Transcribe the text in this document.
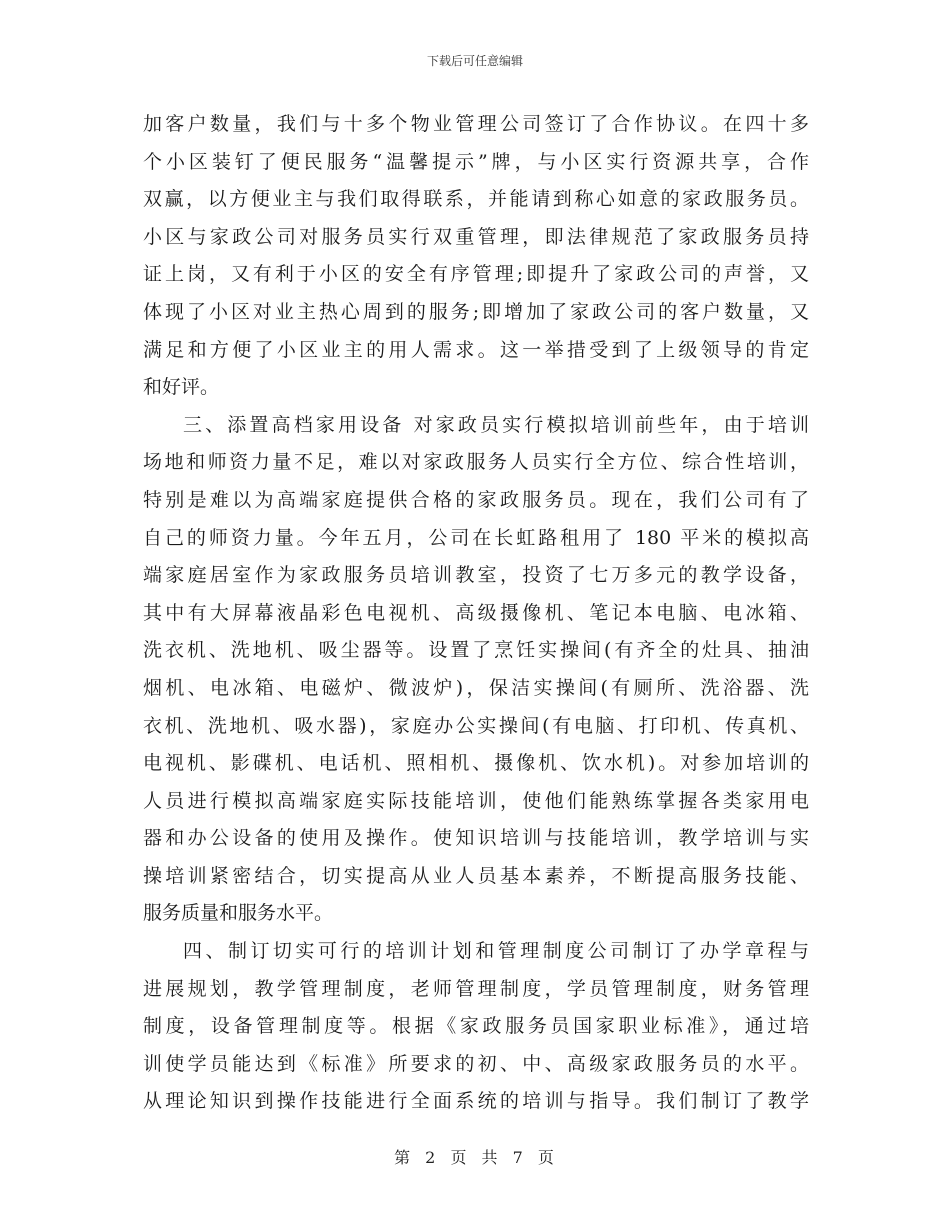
下载后可任意编辑
加客户数量，我们与十多个物业管理公司签订了合作协议。在四十多
个小区装钉了便民服务“温馨提示”牌，与小区实行资源共享，合作
双赢，以方便业主与我们取得联系，并能请到称心如意的家政服务员。
小区与家政公司对服务员实行双重管理，即法律规范了家政服务员持
证上岗，又有利于小区的安全有序管理;即提升了家政公司的声誉，又
体现了小区对业主热心周到的服务;即增加了家政公司的客户数量，又
满足和方便了小区业主的用人需求。这一举措受到了上级领导的肯定
和好评。
三、添置高档家用设备 对家政员实行模拟培训前些年，由于培训
场地和师资力量不足，难以对家政服务人员实行全方位、综合性培训，
特别是难以为高端家庭提供合格的家政服务员。现在，我们公司有了
自己的师资力量。今年五月，公司在长虹路租用了 180 平米的模拟高
端家庭居室作为家政服务员培训教室，投资了七万多元的教学设备，
其中有大屏幕液晶彩色电视机、高级摄像机、笔记本电脑、电冰箱、
洗衣机、洗地机、吸尘器等。设置了烹饪实操间(有齐全的灶具、抽油
烟机、电冰箱、电磁炉、微波炉)，保洁实操间(有厕所、洗浴器、洗
衣机、洗地机、吸水器)，家庭办公实操间(有电脑、打印机、传真机、
电视机、影碟机、电话机、照相机、摄像机、饮水机)。对参加培训的
人员进行模拟高端家庭实际技能培训，使他们能熟练掌握各类家用电
器和办公设备的使用及操作。使知识培训与技能培训，教学培训与实
操培训紧密结合，切实提高从业人员基本素养，不断提高服务技能、
服务质量和服务水平。
四、制订切实可行的培训计划和管理制度公司制订了办学章程与
进展规划，教学管理制度，老师管理制度，学员管理制度，财务管理
制度，设备管理制度等。根据《家政服务员国家职业标准》，通过培
训使学员能达到《标准》所要求的初、中、高级家政服务员的水平。
从理论知识到操作技能进行全面系统的培训与指导。我们制订了教学
第 2 页 共 7 页
